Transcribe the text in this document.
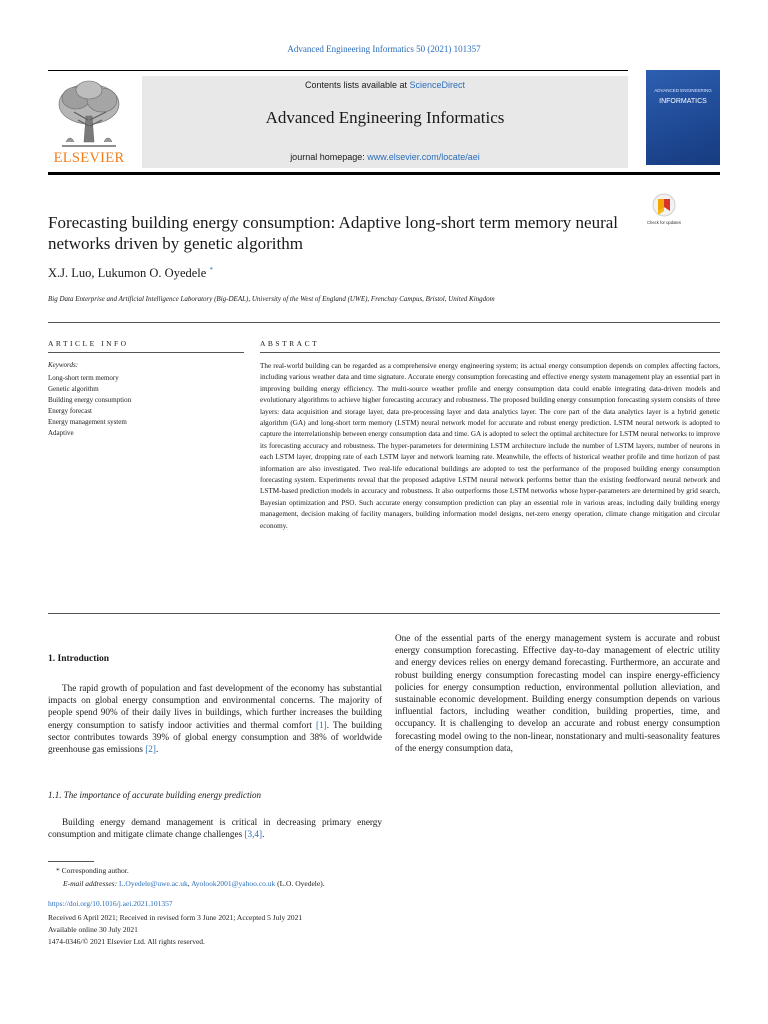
Advanced Engineering Informatics 50 (2021) 101357
ELSEVIER
Contents lists available at ScienceDirect
Advanced Engineering Informatics
journal homepage: www.elsevier.com/locate/aei
ADVANCED ENGINEERING
INFORMATICS
Check for updates
Forecasting building energy consumption: Adaptive long-short term memory neural networks driven by genetic algorithm
X.J. Luo, Lukumon O. Oyedele *
Big Data Enterprise and Artificial Intelligence Laboratory (Big-DEAL), University of the West of England (UWE), Frenchay Campus, Bristol, United Kingdom
ARTICLE INFO	ABSTRACT
Keywords:
Long-short term memory
Genetic algorithm
Building energy consumption
Energy forecast
Energy management system
Adaptive
The real-world building can be regarded as a comprehensive energy engineering system; its actual energy consumption depends on complex affecting factors, including various weather data and time signature. Accurate energy consumption forecasting and effective energy system management play an essential part in improving building energy efficiency. The multi-source weather profile and energy consumption data could enable integrating data-driven models and evolutionary algorithms to achieve higher forecasting accuracy and robustness. The proposed building energy consumption forecasting system consists of three layers: data acquisition and storage layer, data pre-processing layer and data analytics layer. The core part of the data analytics layer is a hybrid genetic algorithm (GA) and long-short term memory (LSTM) neural network model for accurate and robust energy prediction. LSTM neural network is adopted to capture the interrelationship between energy consumption data and time. GA is adopted to select the optimal architecture for LSTM neural networks to improve its forecasting accuracy and robustness. The hyper-parameters for determining LSTM architecture include the number of LSTM layers, number of neurons in each LSTM layer, dropping rate of each LSTM layer and network learning rate. Meanwhile, the effects of historical weather profile and time horizon of past information are also investigated. Two real-life educational buildings are adopted to test the performance of the proposed building energy consumption forecasting system. Experiments reveal that the proposed adaptive LSTM neural network performs better than the existing feedforward neural network and LSTM-based prediction models in accuracy and robustness. It also outperforms those LSTM networks whose hyper-parameters are determined by grid search, Bayesian optimization and PSO. Such accurate energy consumption prediction can play an essential role in various areas, including daily building energy management, decision making of facility managers, building information model designs, net-zero energy operation, climate change mitigation and circular economy.
1. Introduction
The rapid growth of population and fast development of the economy has substantial impacts on global energy consumption and environmental concerns. The majority of people spend 90% of their daily lives in buildings, which further increases the building energy consumption to satisfy indoor activities and thermal comfort [1]. The building sector contributes towards 39% of global energy consumption and 38% of worldwide greenhouse gas emissions [2].
1.1. The importance of accurate building energy prediction
Building energy demand management is critical in decreasing primary energy consumption and mitigate climate change challenges [3,4].
One of the essential parts of the energy management system is accurate and robust energy consumption forecasting. Effective day-to-day management of electric utility and energy devices relies on energy demand forecasting. Furthermore, an accurate and robust building energy consumption forecasting model can inspire energy-efficiency policies for energy consumption reduction, environmental pollution alleviation, and sustainable economic development. Building energy consumption depends on various influential factors, including weather condition, building properties, time, and occupancy. It is challenging to develop an accurate and robust energy consumption forecasting model owing to the non-linear, nonstationary and multi-seasonality features of the energy consumption data,
* Corresponding author.
E-mail addresses: L.Oyedele@uwe.ac.uk, Ayolook2001@yahoo.co.uk (L.O. Oyedele).
https://doi.org/10.1016/j.aei.2021.101357
Received 6 April 2021; Received in revised form 3 June 2021; Accepted 5 July 2021
Available online 30 July 2021
1474-0346/© 2021 Elsevier Ltd. All rights reserved.
